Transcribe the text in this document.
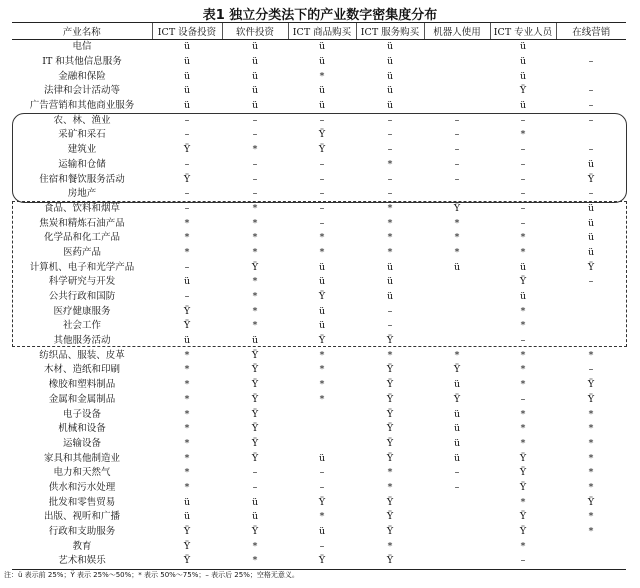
表1 独立分类法下的产业数字密集度分布
产业名称	ICT 设备投资	软件投资	ICT 商品购买	ICT 服务购买	机器人使用	ICT 专业人员	在线营销
电信	ü	ü	ü	ü		ü	
IT 和其他信息服务	ü	ü	ü	ü		ü	–
金融和保险	ü	ü	*	ü		ü	
法律和会计活动等	ü	ü	ü	ü		Ÿ	–
广告营销和其他商业服务	ü	ü	ü	ü		ü	–
农、林、渔业	–	–	–	–	–	–	–
采矿和采石	–	–	Ÿ	–	–	*	
建筑业	Ÿ	*	Ÿ	–	–	–	–
运输和仓储	–	–	–	*	–	–	ü
住宿和餐饮服务活动	Ÿ	–	–	–	–	–	Ÿ
房地产	–	–	–	–		–	–
食品、饮料和烟草	–	*	–	*	Ÿ	–	ü
焦炭和精炼石油产品	*	*	–	*	*	–	ü
化学品和化工产品	*	*	*	*	*	*	ü
医药产品	*	*	*	*	*	*	ü
计算机、电子和光学产品	–	Ÿ	ü	ü	ü	ü	Ÿ
科学研究与开发	ü	*	ü	ü		Ÿ	–
公共行政和国防	–	*	Ÿ	ü		ü	
医疗健康服务	Ÿ	*	ü	–		*	
社会工作	Ÿ	*	ü	–		*	
其他服务活动	ü	ü	Ÿ	Ÿ		–	
纺织品、服装、皮革	*	Ÿ	*	*	*	*	*
木材、造纸和印刷	*	Ÿ	*	Ÿ	Ÿ	*	–
橡胶和塑料制品	*	Ÿ	*	Ÿ	ü	*	Ÿ
金属和金属制品	*	Ÿ	*	Ÿ	Ÿ	–	Ÿ
电子设备	*	Ÿ		Ÿ	ü	*	*
机械和设备	*	Ÿ		Ÿ	ü	*	*
运输设备	*	Ÿ		Ÿ	ü	*	*
家具和其他制造业	*	Ÿ	ü	Ÿ	ü	Ÿ	*
电力和天然气	*	–	–	*	–	Ÿ	*
供水和污水处理	*	–	–	*	–	Ÿ	*
批发和零售贸易	ü	ü	Ÿ	Ÿ		*	Ÿ
出版、视听和广播	ü	ü	*	Ÿ		Ÿ	*
行政和支助服务	Ÿ	Ÿ	ü	Ÿ		Ÿ	*
教育	Ÿ	*	–	*		*	
艺术和娱乐	Ÿ	*	Ÿ	Ÿ		–	
注：ü 表示前 25%；Ÿ 表示 25%～50%；* 表示 50%～75%；– 表示后 25%；空格无意义。
